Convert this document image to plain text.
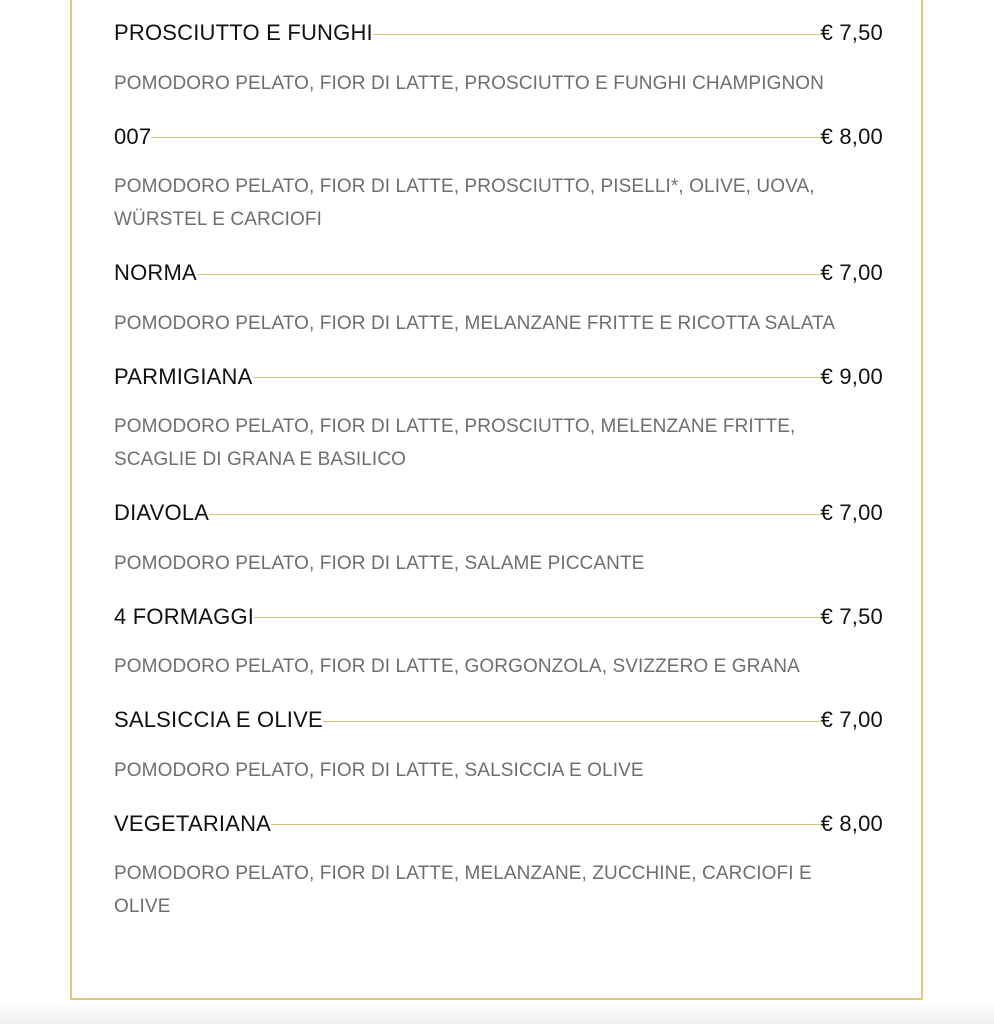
PROSCIUTTO E FUNGHI	€ 7,50
POMODORO PELATO, FIOR DI LATTE, PROSCIUTTO E FUNGHI CHAMPIGNON
007	€ 8,00
POMODORO PELATO, FIOR DI LATTE, PROSCIUTTO, PISELLI*, OLIVE, UOVA, WÜRSTEL E CARCIOFI
NORMA	€ 7,00
POMODORO PELATO, FIOR DI LATTE, MELANZANE FRITTE E RICOTTA SALATA
PARMIGIANA	€ 9,00
POMODORO PELATO, FIOR DI LATTE, PROSCIUTTO, MELENZANE FRITTE, SCAGLIE DI GRANA E BASILICO
DIAVOLA	€ 7,00
POMODORO PELATO, FIOR DI LATTE, SALAME PICCANTE
4 FORMAGGI	€ 7,50
POMODORO PELATO, FIOR DI LATTE, GORGONZOLA, SVIZZERO E GRANA
SALSICCIA E OLIVE	€ 7,00
POMODORO PELATO, FIOR DI LATTE, SALSICCIA E OLIVE
VEGETARIANA	€ 8,00
POMODORO PELATO, FIOR DI LATTE, MELANZANE, ZUCCHINE, CARCIOFI E OLIVE
